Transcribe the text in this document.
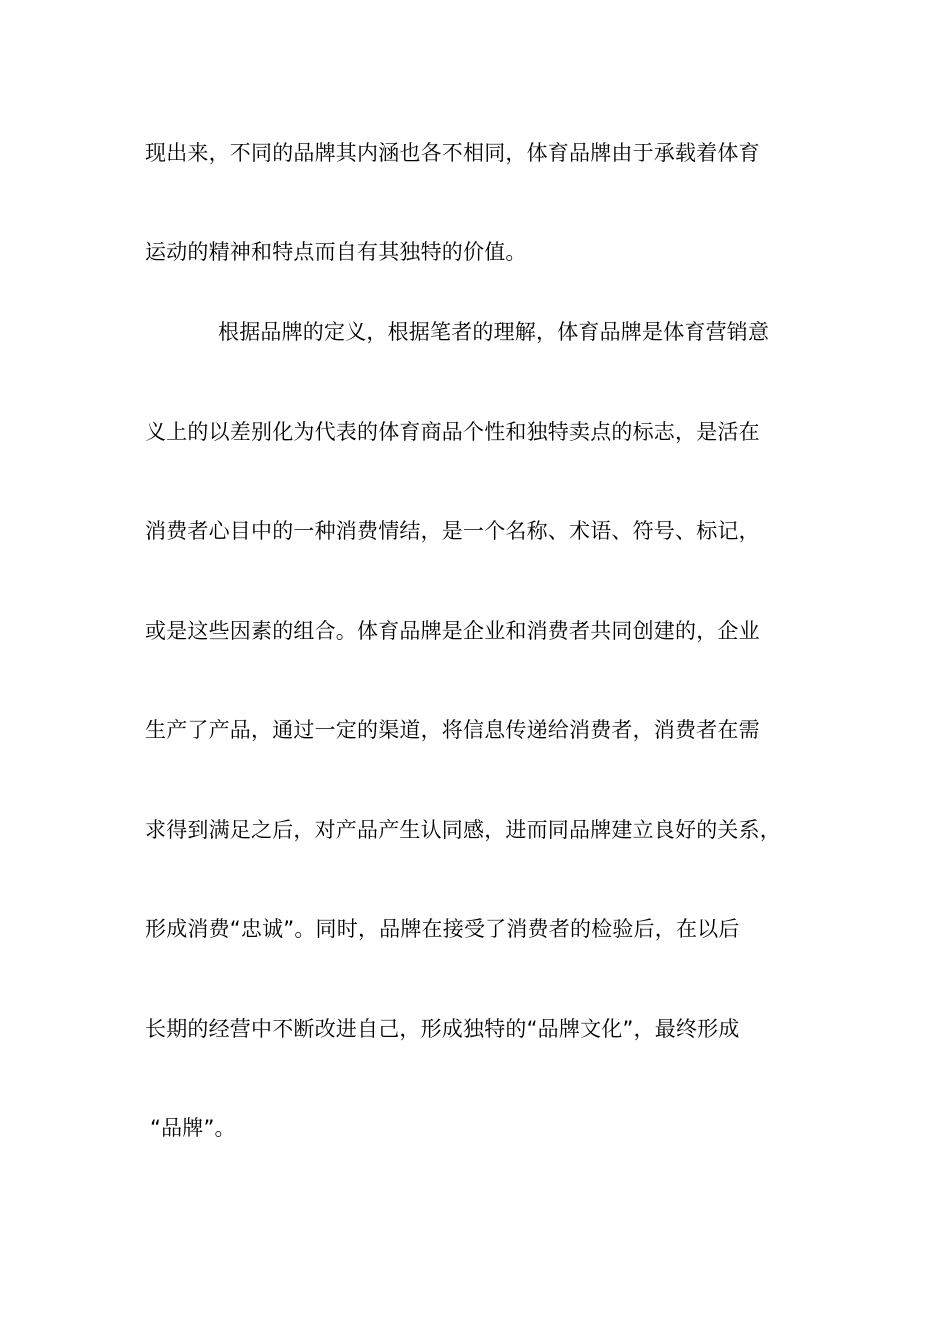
现出来，不同的品牌其内涵也各不相同，体育品牌由于承载着体育
运动的精神和特点而自有其独特的价值。
根据品牌的定义，根据笔者的理解，体育品牌是体育营销意
义上的以差别化为代表的体育商品个性和独特卖点的标志，是活在
消费者心目中的一种消费情结，是一个名称、术语、符号、标记，
或是这些因素的组合。体育品牌是企业和消费者共同创建的，企业
生产了产品，通过一定的渠道，将信息传递给消费者，消费者在需
求得到满足之后，对产品产生认同感，进而同品牌建立良好的关系，
形成消费“忠诚”。同时，品牌在接受了消费者的检验后，在以后
长期的经营中不断改进自己，形成独特的“品牌文化”，最终形成
“品牌”。
